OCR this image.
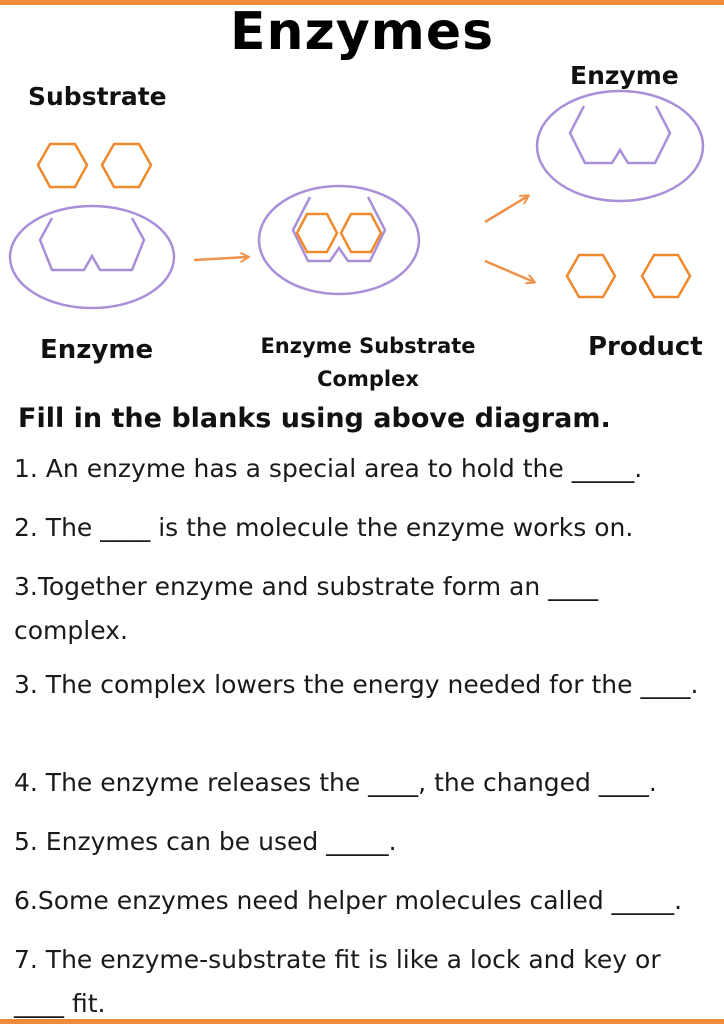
Enzymes
Substrate
Enzyme	Enzyme Substrate Complex
Enzyme
Product
Fill in the blanks using above diagram.
1. An enzyme has a special area to hold the _____.
2. The ____ is the molecule the enzyme works on.
3.Together enzyme and substrate form an ____ complex.
3. The complex lowers the energy needed for the ____.
4. The enzyme releases the ____, the changed ____.
5. Enzymes can be used _____.
6.Some enzymes need helper molecules called _____.
7. The enzyme-substrate fit is like a lock and key or ____ fit.
